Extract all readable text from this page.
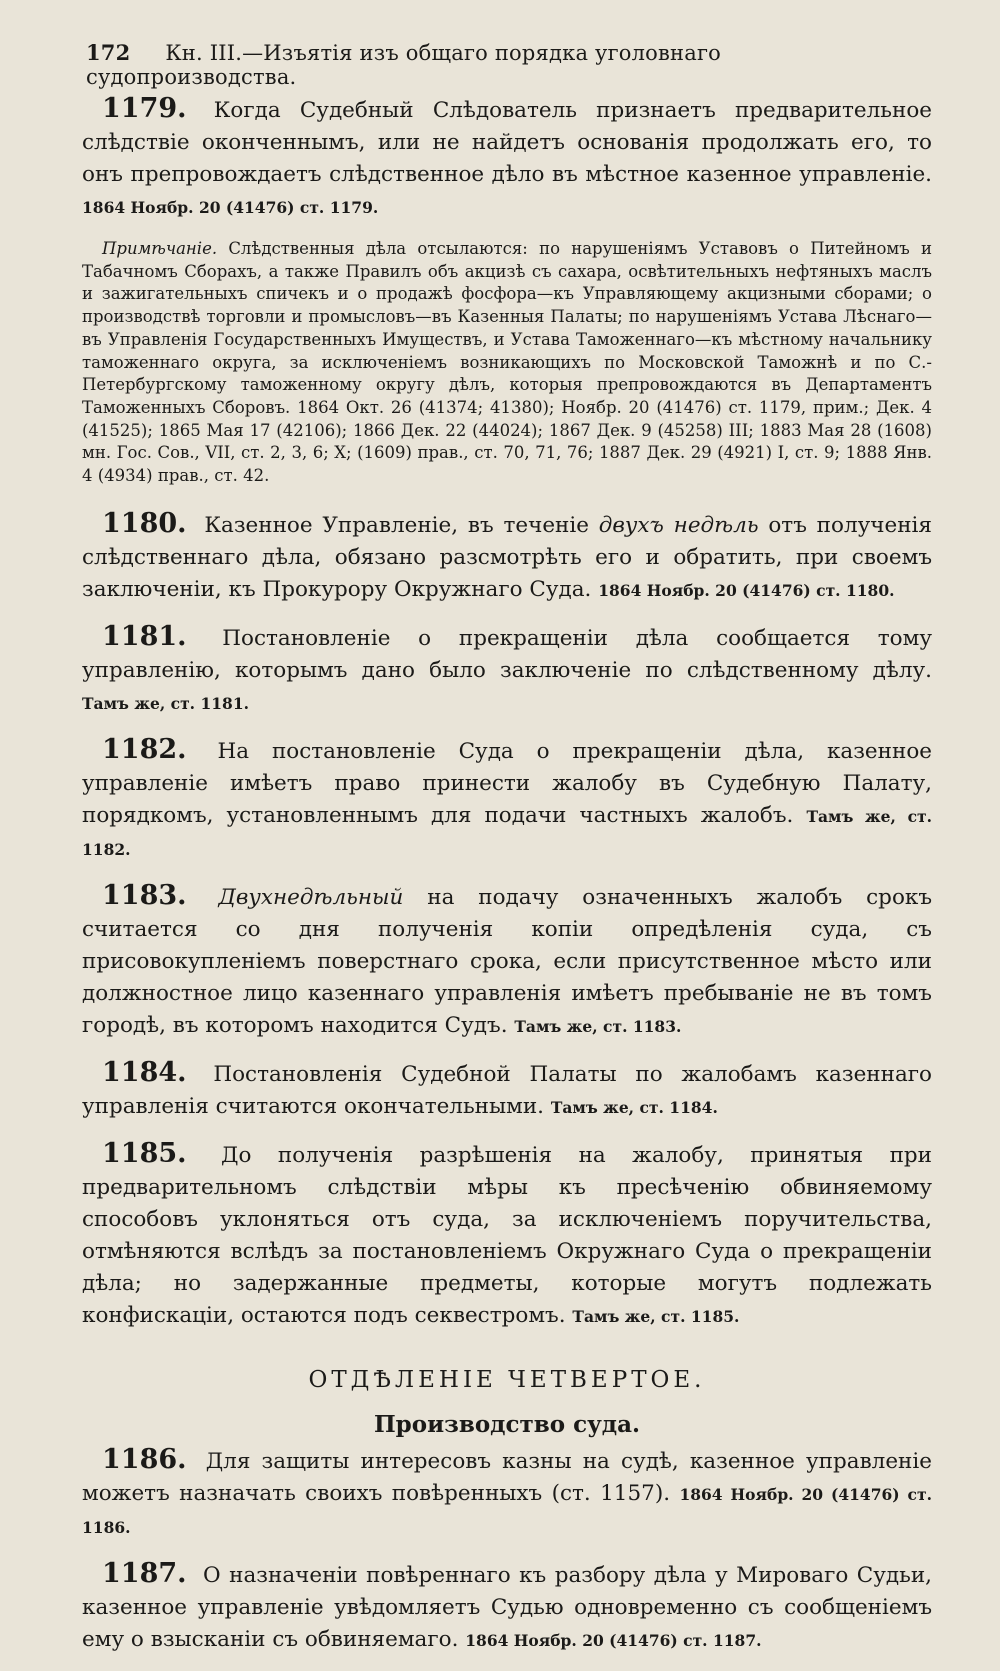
172 Кн. III.—Изъятія изъ общаго порядка уголовнаго судопроизводства.

1179. Когда Судебный Слѣдователь признаетъ предварительное слѣдствіе оконченнымъ, или не найдетъ основанія продолжать его, то онъ препровождаетъ слѣдственное дѣло въ мѣстное казенное управленіе. 1864 Ноябр. 20 (41476) ст. 1179.

Примѣчаніе. Слѣдственныя дѣла отсылаются: по нарушеніямъ Уставовъ о Питейномъ и Табачномъ Сборахъ, а также Правилъ объ акцизѣ съ сахара, освѣтительныхъ нефтяныхъ маслъ и зажигательныхъ спичекъ и о продажѣ фосфора—къ Управляющему акцизными сборами; о производствѣ торговли и промысловъ—въ Казенныя Палаты; по нарушеніямъ Устава Лѣснаго—въ Управленія Государственныхъ Имуществъ, и Устава Таможеннаго—къ мѣстному начальнику таможеннаго округа, за исключеніемъ возникающихъ по Московской Таможнѣ и по С.-Петербургскому таможенному округу дѣлъ, которыя препровождаются въ Департаментъ Таможенныхъ Сборовъ. 1864 Окт. 26 (41374; 41380); Ноябр. 20 (41476) ст. 1179, прим.; Дек. 4 (41525); 1865 Мая 17 (42106); 1866 Дек. 22 (44024); 1867 Дек. 9 (45258) III; 1883 Мая 28 (1608) мн. Гос. Сов., VII, ст. 2, 3, 6; X; (1609) прав., ст. 70, 71, 76; 1887 Дек. 29 (4921) I, ст. 9; 1888 Янв. 4 (4934) прав., ст. 42.

1180. Казенное Управленіе, въ теченіе двухъ недѣль отъ полученія слѣдственнаго дѣла, обязано разсмотрѣть его и обратить, при своемъ заключеніи, къ Прокурору Окружнаго Суда. 1864 Ноябр. 20 (41476) ст. 1180.

1181. Постановленіе о прекращеніи дѣла сообщается тому управленію, которымъ дано было заключеніе по слѣдственному дѣлу. Тамъ же, ст. 1181.

1182. На постановленіе Суда о прекращеніи дѣла, казенное управленіе имѣетъ право принести жалобу въ Судебную Палату, порядкомъ, установленнымъ для подачи частныхъ жалобъ. Тамъ же, ст. 1182.

1183. Двухнедѣльный на подачу означенныхъ жалобъ срокъ считается со дня полученія копіи опредѣленія суда, съ присовокупленіемъ поверстнаго срока, если присутственное мѣсто или должностное лицо казеннаго управленія имѣетъ пребываніе не въ томъ городѣ, въ которомъ находится Судъ. Тамъ же, ст. 1183.

1184. Постановленія Судебной Палаты по жалобамъ казеннаго управленія считаются окончательными. Тамъ же, ст. 1184.

1185. До полученія разрѣшенія на жалобу, принятыя при предварительномъ слѣдствіи мѣры къ пресѣченію обвиняемому способовъ уклоняться отъ суда, за исключеніемъ поручительства, отмѣняются вслѣдъ за постановленіемъ Окружнаго Суда о прекращеніи дѣла; но задержанные предметы, которые могутъ подлежать конфискаціи, остаются подъ секвестромъ. Тамъ же, ст. 1185.

ОТДѢЛЕНІЕ ЧЕТВЕРТОЕ.
Производство суда.

1186. Для защиты интересовъ казны на судѣ, казенное управленіе можетъ назначать своихъ повѣренныхъ (ст. 1157). 1864 Ноябр. 20 (41476) ст. 1186.

1187. О назначеніи повѣреннаго къ разбору дѣла у Мироваго Судьи, казенное управленіе увѣдомляетъ Судью одновременно съ сообщеніемъ ему о взысканіи съ обвиняемаго. 1864 Ноябр. 20 (41476) ст. 1187.
